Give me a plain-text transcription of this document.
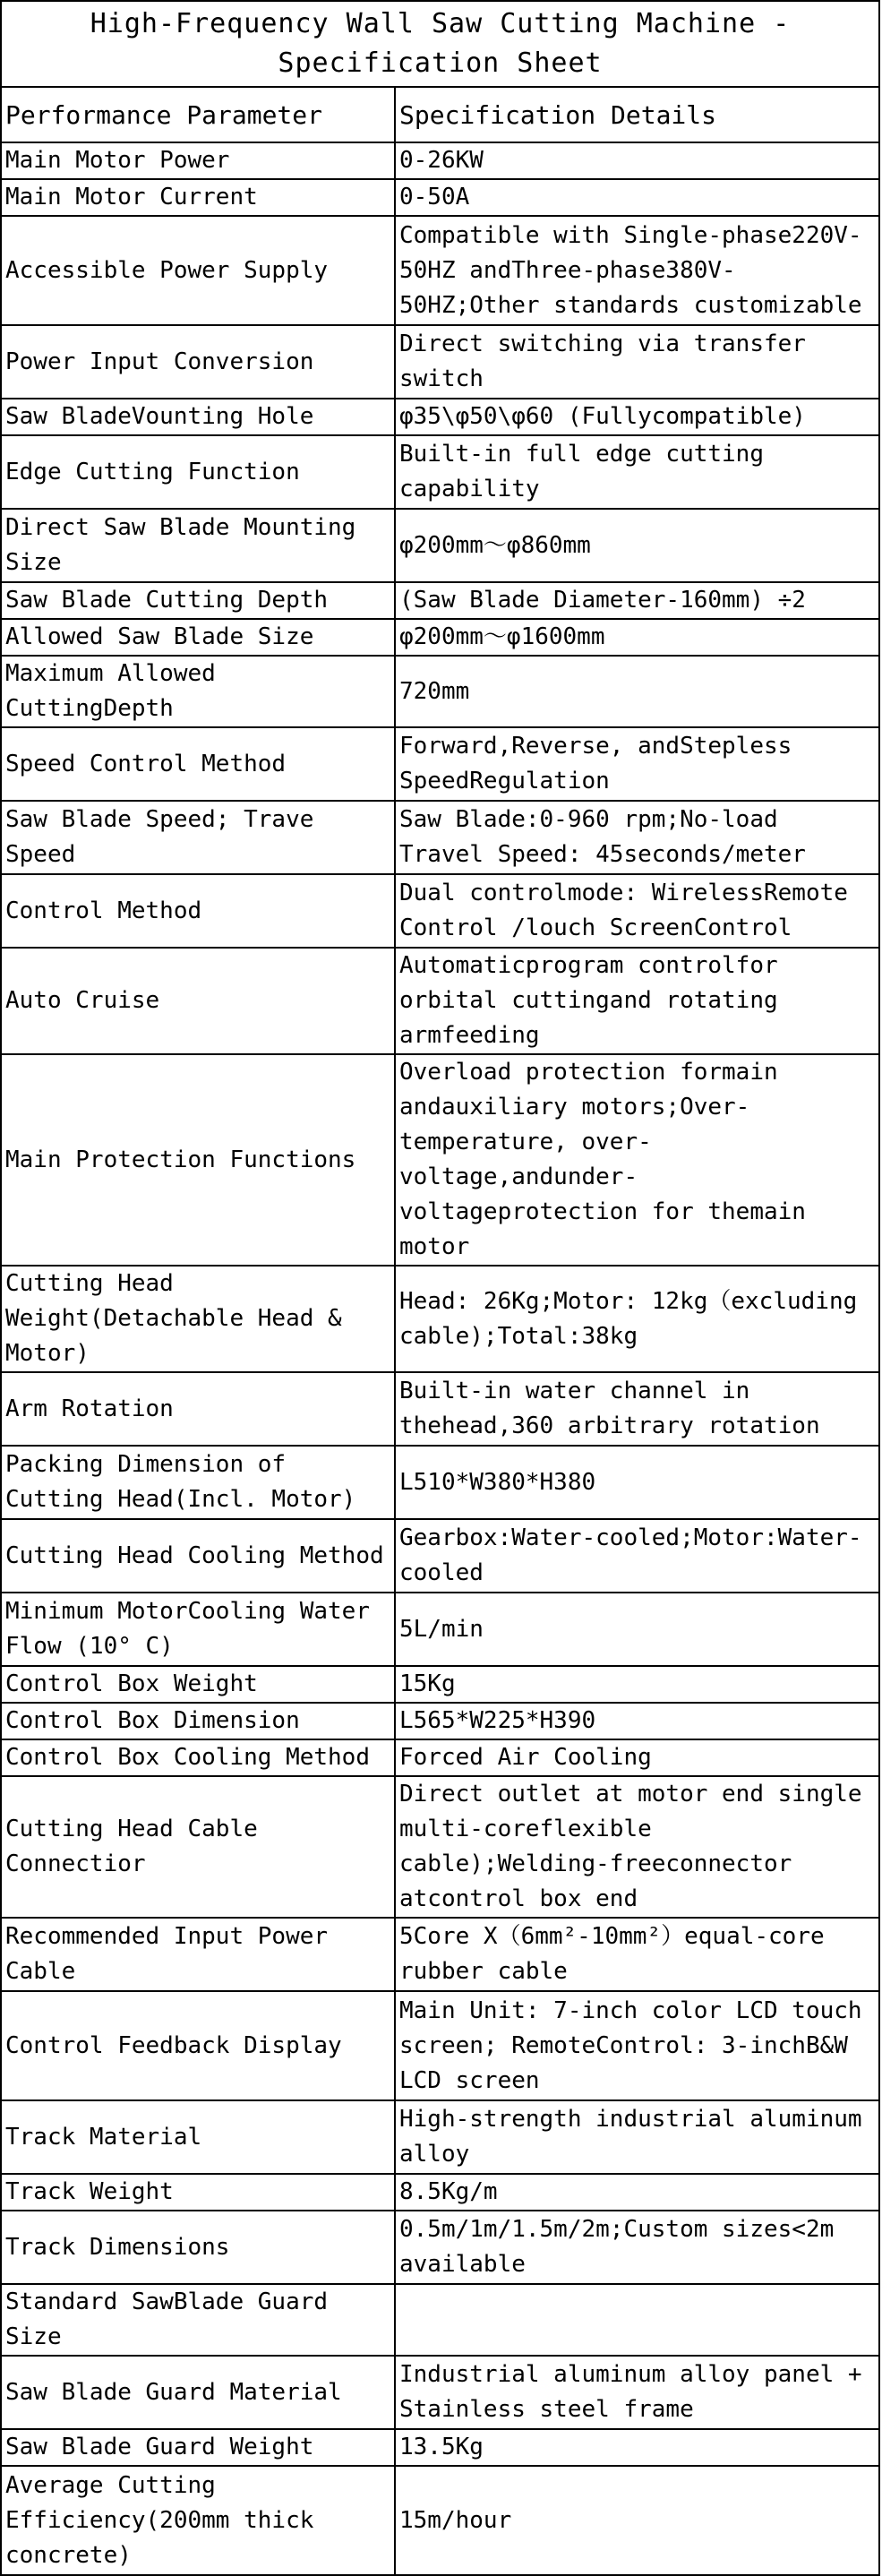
High-Frequency Wall Saw Cutting Machine -
Specification Sheet
Performance Parameter	Specification Details
Main Motor Power	0-26KW
Main Motor Current	0-50A
Accessible Power Supply	Compatible with Single-phase220V-50HZ andThree-phase380V-50HZ;Other standards customizable
Power Input Conversion	Direct switching via transfer switch
Saw BladeVounting Hole	φ35\φ50\φ60 (Fullycompatible)
Edge Cutting Function	Built-in full edge cutting capability
Direct Saw Blade Mounting Size	φ200mm～φ860mm
Saw Blade Cutting Depth	(Saw Blade Diameter-160mm) ÷2
Allowed Saw Blade Size	φ200mm～φ1600mm
Maximum Allowed CuttingDepth	720mm
Speed Control Method	Forward,Reverse, andStepless SpeedRegulation
Saw Blade Speed; Trave Speed	Saw Blade:0-960 rpm;No-load Travel Speed: 45seconds/meter
Control Method	Dual controlmode: WirelessRemote Control /louch ScreenControl
Auto Cruise	Automaticprogram controlfor orbital cuttingand rotating armfeeding
Main Protection Functions	Overload protection formain andauxiliary motors;Over-temperature, over-voltage,andunder-voltageprotection for themain motor
Cutting Head Weight(Detachable Head & Motor)	Head: 26Kg;Motor: 12kg（excluding cable);Total:38kg
Arm Rotation	Built-in water channel in thehead,360 arbitrary rotation
Packing Dimension of Cutting Head(Incl. Motor)	L510*W380*H380
Cutting Head Cooling Method	Gearbox:Water-cooled;Motor:Water-cooled
Minimum MotorCooling Water Flow (10° C)	5L/min
Control Box Weight	15Kg
Control Box Dimension	L565*W225*H390
Control Box Cooling Method	Forced Air Cooling
Cutting Head Cable Connectior	Direct outlet at motor end single multi-coreflexible cable);Welding-freeconnector atcontrol box end
Recommended Input Power Cable	5Core X（6mm²-10mm²）equal-core rubber cable
Control Feedback Display	Main Unit: 7-inch color LCD touch screen; RemoteControl: 3-inchB&W LCD screen
Track Material	High-strength industrial aluminum alloy
Track Weight	8.5Kg/m
Track Dimensions	0.5m/1m/1.5m/2m;Custom sizes<2m available
Standard SawBlade Guard Size	
Saw Blade Guard Material	Industrial aluminum alloy panel + Stainless steel frame
Saw Blade Guard Weight	13.5Kg
Average Cutting Efficiency(200mm thick concrete)	15m/hour
